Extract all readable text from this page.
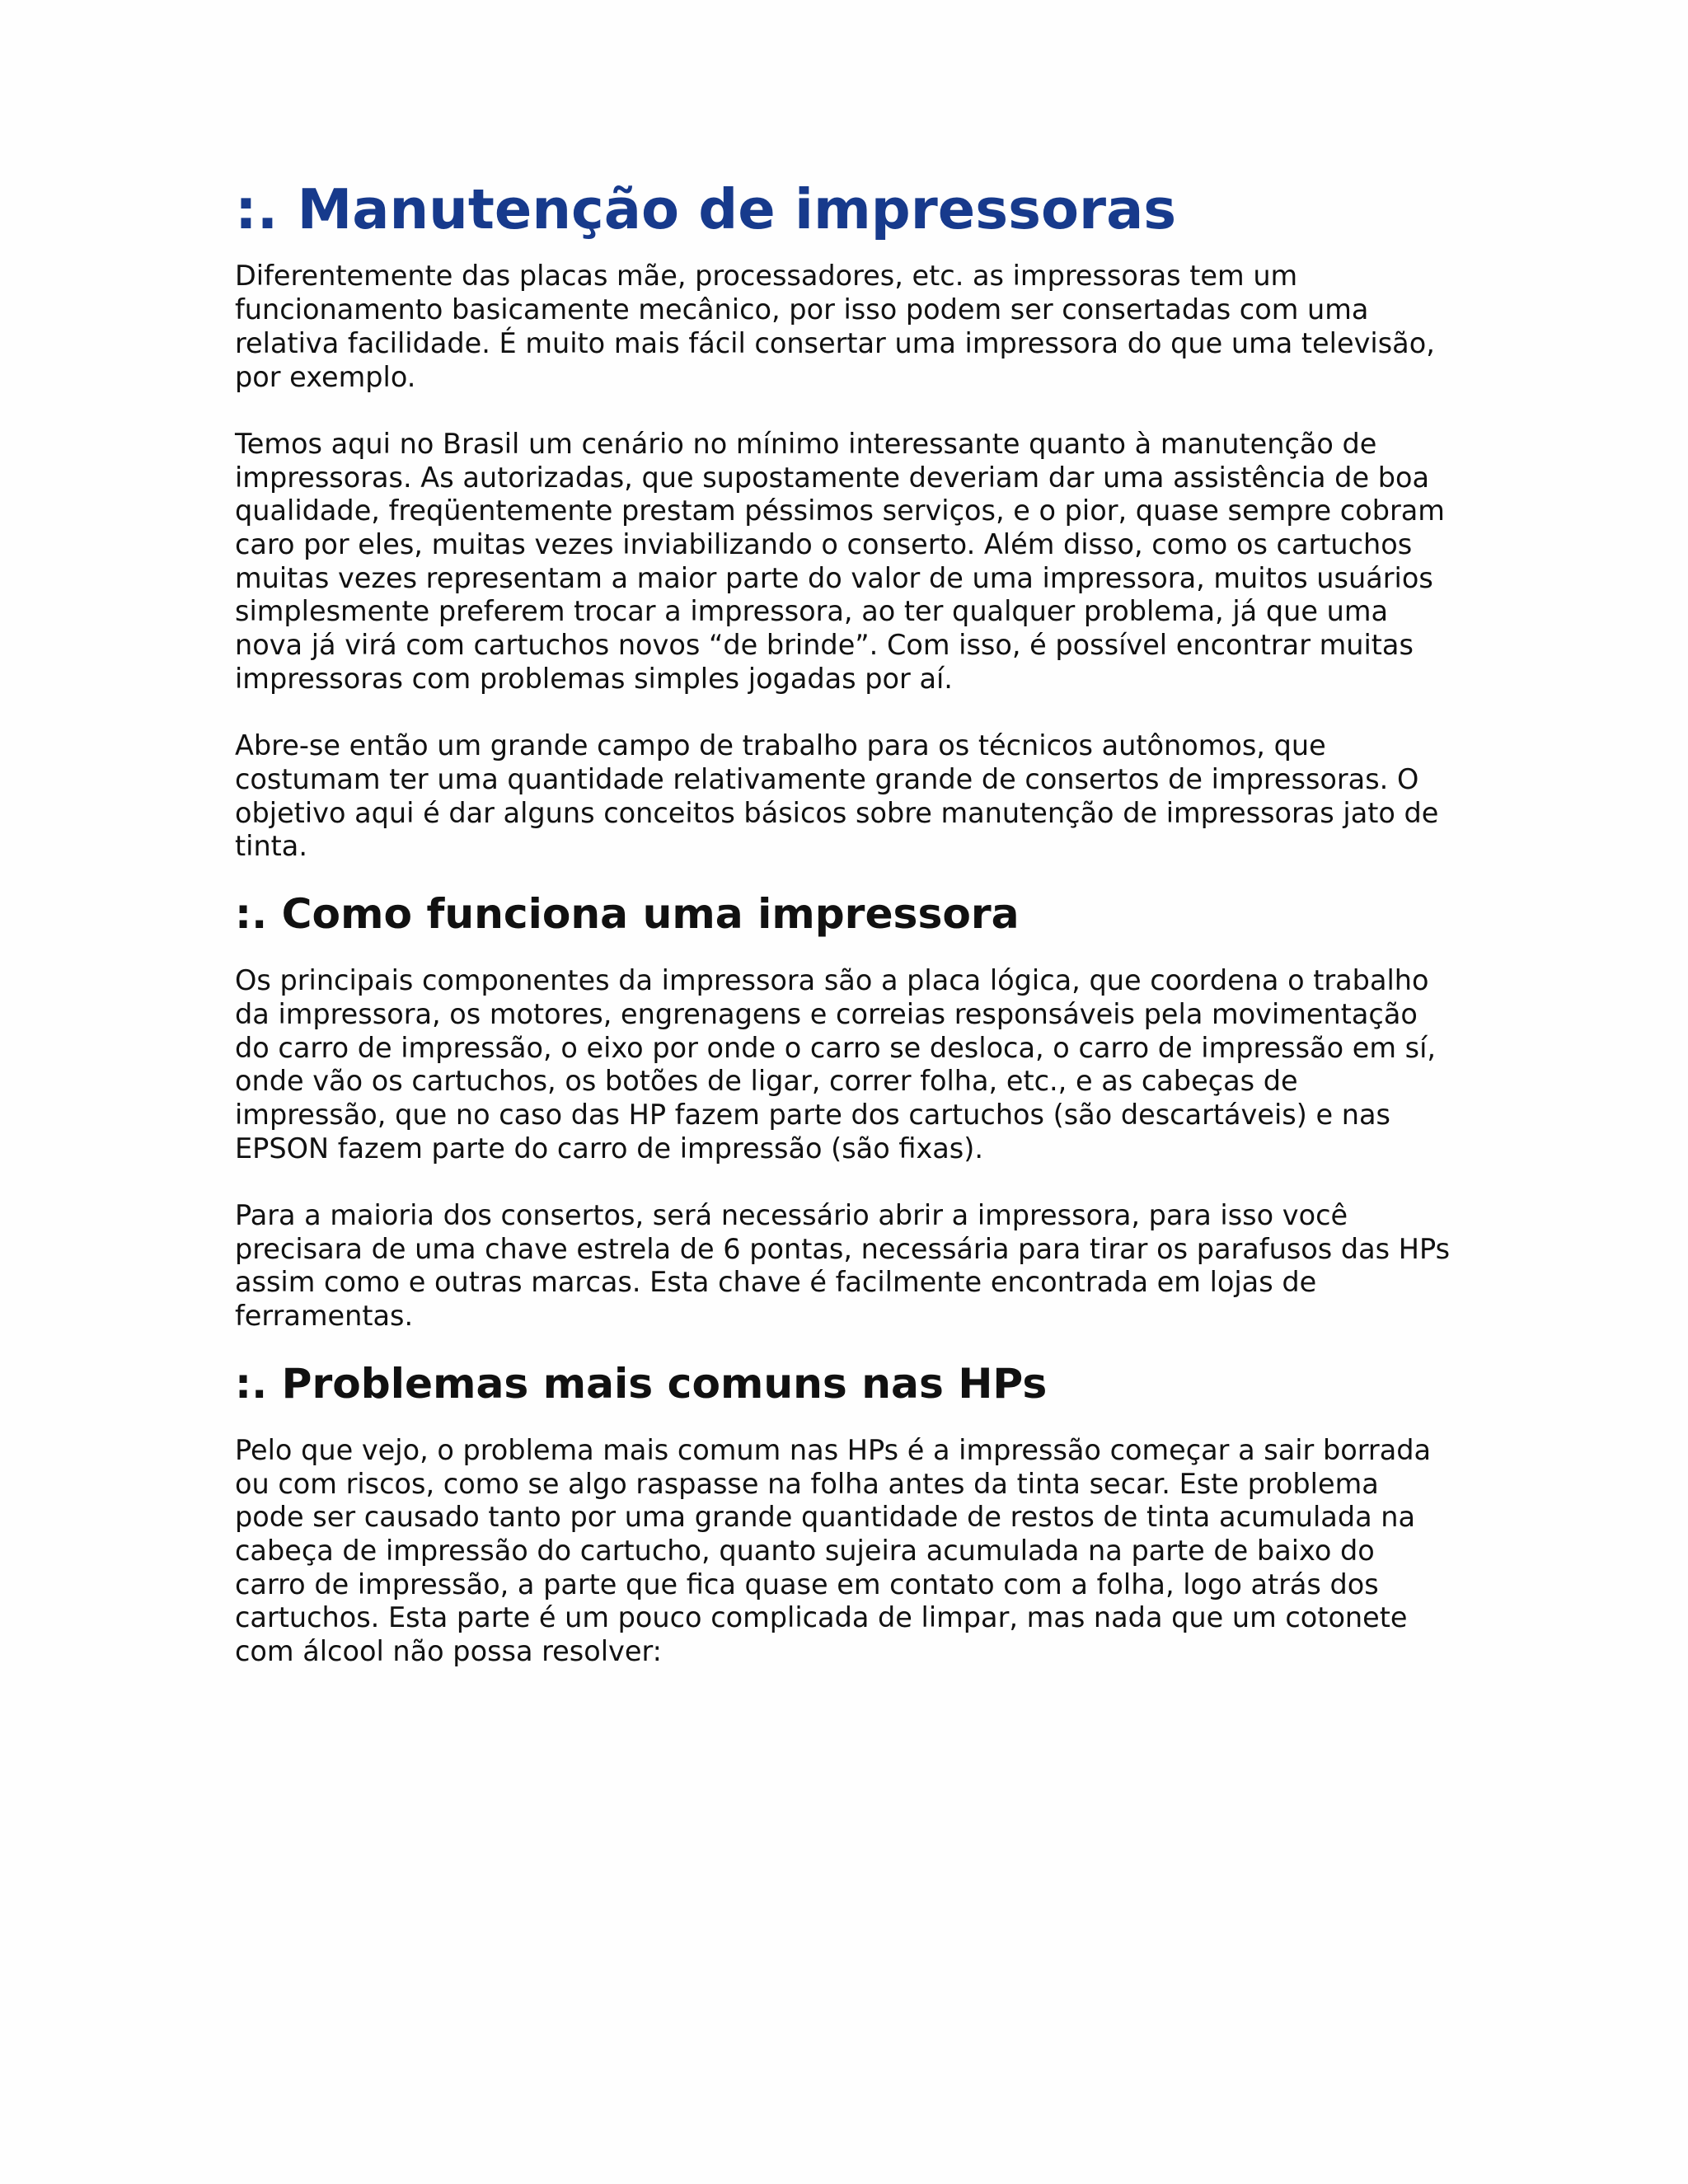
:. Manutenção de impressoras

Diferentemente das placas mãe, processadores, etc. as impressoras tem um
funcionamento basicamente mecânico, por isso podem ser consertadas com uma
relativa facilidade. É muito mais fácil consertar uma impressora do que uma televisão,
por exemplo.

Temos aqui no Brasil um cenário no mínimo interessante quanto à manutenção de
impressoras. As autorizadas, que supostamente deveriam dar uma assistência de boa
qualidade, freqüentemente prestam péssimos serviços, e o pior, quase sempre cobram
caro por eles, muitas vezes inviabilizando o conserto. Além disso, como os cartuchos
muitas vezes representam a maior parte do valor de uma impressora, muitos usuários
simplesmente preferem trocar a impressora, ao ter qualquer problema, já que uma
nova já virá com cartuchos novos “de brinde”. Com isso, é possível encontrar muitas
impressoras com problemas simples jogadas por aí.

Abre-se então um grande campo de trabalho para os técnicos autônomos, que
costumam ter uma quantidade relativamente grande de consertos de impressoras. O
objetivo aqui é dar alguns conceitos básicos sobre manutenção de impressoras jato de
tinta.

:. Como funciona uma impressora

Os principais componentes da impressora são a placa lógica, que coordena o trabalho
da impressora, os motores, engrenagens e correias responsáveis pela movimentação
do carro de impressão, o eixo por onde o carro se desloca, o carro de impressão em sí,
onde vão os cartuchos, os botões de ligar, correr folha, etc., e as cabeças de
impressão, que no caso das HP fazem parte dos cartuchos (são descartáveis) e nas
EPSON fazem parte do carro de impressão (são fixas).

Para a maioria dos consertos, será necessário abrir a impressora, para isso você
precisara de uma chave estrela de 6 pontas, necessária para tirar os parafusos das HPs
assim como e outras marcas. Esta chave é facilmente encontrada em lojas de
ferramentas.

:. Problemas mais comuns nas HPs

Pelo que vejo, o problema mais comum nas HPs é a impressão começar a sair borrada
ou com riscos, como se algo raspasse na folha antes da tinta secar. Este problema
pode ser causado tanto por uma grande quantidade de restos de tinta acumulada na
cabeça de impressão do cartucho, quanto sujeira acumulada na parte de baixo do
carro de impressão, a parte que fica quase em contato com a folha, logo atrás dos
cartuchos. Esta parte é um pouco complicada de limpar, mas nada que um cotonete
com álcool não possa resolver:
